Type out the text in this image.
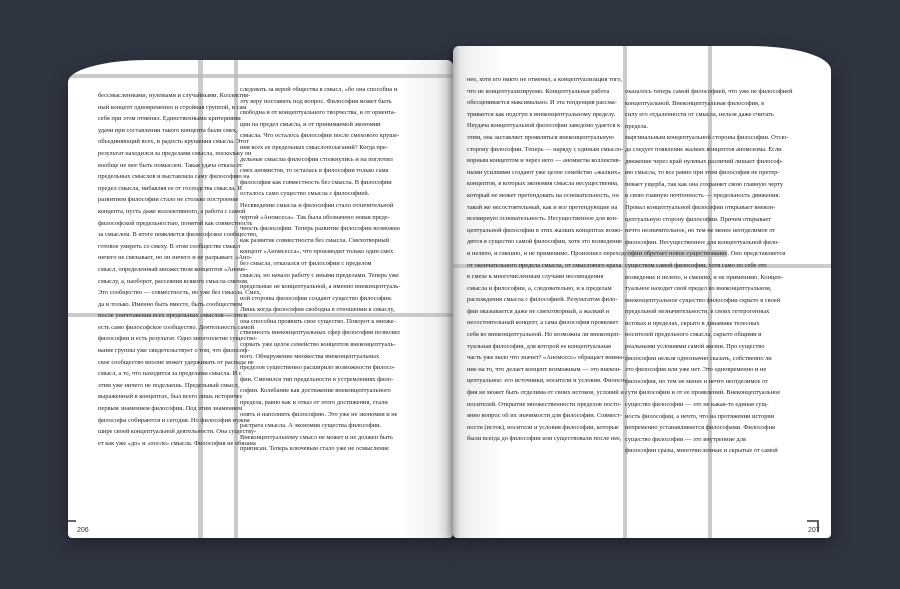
бессмысленными, нулевыми и случайными. Коллектив-
ный концепт одновременно и стройная группой, и сам
себя при этом отменял. Единственными критериями
удачи при составлении такого концепта были смех,
объединяющий всех, и радость крушения смысла. Этот
результат находился за пределами смысла, поскольку он
вообще не мог быть помыслен. Такая удача отказа от
предельных смыслов и выставляла саму философию на
предел смысла, нибавляя ее от господства смысла. И
развитием философии стало не столько построение
концепта, пусть даже коллективного, а работа с самой
философской предельностью, понятой как совместность
за смыслом. В итоге появляется философское сообщество,
готовое умереть со смеху. В этом сообществе смысл
ничего не связывает, но он ничего и не разрывает. «Ано-
смысл, определенный множеством концептов «Аноме-
смыслу, а, наоборот, рассеяния всякого смысла смехом.
Это сообщество — совместность, но уже без смысла. Смех,
да и только. Именно быть вместе, быть сообществом
после уничтожения всех предельных смыслов — это и
есть само философское сообщество. Деятельность самой
философии и есть результат. Одно многоплетие существо-
вание группы уже свидетельствует о том, что философ-
ское сообщество вполне может удерживать от распада не
смысл, а то, что находится за пределами смысла. И с
этим уже ничего не поделаешь. Предельный смысл,
выраженный в концептах, был всего лишь историчес
первым знамением философии. Под этим знамением
философы собираются и сегодня. Но философия нужна
шире своей концептуальной деятельности. Она существу-
ет как уже «до» и «после» смысла. Философия не обязана
следовать за верой общества в смысл, «бо она способна и
эту веру поставить под вопрос. Философия может быть
свободна и от концептуального творчества, и от ориента-
ции на предел смысла, и от принимаемой экономии
смысла. Что осталось философии после смехового круше-
ния всех ее предельных смыслополаганий? Когда пре-
дельные смыслы философии столкнулись и на поглотил
смех аномистов, то осталась в философии только сама
философия как совместность без смысла. В философии
осталось само существо смысла с философией.
Несвведение смысла и философии стало отличительной
чертой «Аномсеса». Так была обозначено новая преде-
чность философии. Теперь развитие философии возможно
как развитие совместности без смысла. Смехотворный
концепт «Аномсесса», что производит только один смех
без смысла, отказался от философии с пределом
смысла, но начало работу с иными пределами. Теперь уже
предельные не концептуальной, а именно внеконцептуаль-
ной стороны философии создают существо философии.
Лишь когда философия свободна в отношении к смыслу,
она способна проявить свое существо. Поворот к множе-
ственность внеконцептуальных сфер философии позволил
сорвать уже целое семейство концептов внеконцептуаль-
ного. Обнаружение множества внеконцептуальных
пределов существенно расширило возможности филосо-
фии. Сменился тип предельности в устремлениях фило-
софии. Колебание как достижение внеконцептуального
предела, равно как и отказ от этого достижения, стали
опять и наполнить философию. Это уже не экономия и не
растрата смысла. А экономия существа философии.
Внеконцептуальному смысл не может и не должен быть
приписан. Теперь ключевым стало уже не осмысление
206
нее, хотя его никто не отменял, а концептуализация того,
что не концептуализируемо. Концептуальная работа
обесценивается максимально. И эта тенденция рассма-
тривается как подступ к внеконцептуальному пределу.
Неудача концептуальной философии заведомо удается к
этим, она заставляет проявляться внеконцептуальную
сторону философии. Теперь — наряду с единым смысло-
ворным концептом и через него — аномисты коллектив-
ными усилиями создают уже целое семейство «жалких»
концептов, в которых экономия смысла несущественна,
который не может претендовать на основательность, он
такой же несостоятельный, как и все претендующие на
всемирную основательность. Несущественное для кон-
цептуальной философии в этих жалких концептах возво-
дится в существо самой философии, хотя это возведение
и нелепо, и смешно, и не применимо. Произошел переход
от окончательного предела смысла, от смыслового краха
в смехе к многочисленным случаям несовпадения
смысла и философии, а, следовательно, и к пределам
расхождения смысла с философией. Результатом фило-
фии оказывается даже не смехотворный, а жалкий и
несостоятельный концепт, а сама философия проявляет
себя во внеконцептуальной. Но возможна ли внеконцеп-
туальная философия, для которой ее концептуальная
часть уже мало что значит? «Аномсесс» обращает внима-
ние на то, что делает концепт возможным — это внекон-
цептуальное: его источники, носители и условия. Филосо-
фия не может быть отделима от своих истоков, условий и
носителей. Открытие множественности пределов посто-
янно вопрос об их значимости для философии. Совмест-
ности (исток), носители и условия философии, которые
были всегда до философии или существовали после нее,
оказалось теперь самой философией, что уже не философией
концептуальной. Внеконцептуальная философия, в
силу его отдаленности от смысла, нельзя даже считать
предела.
маргинальным концептуальной стороны философии. Отсю-
да следует появление жалких концептов аномсизма. Если
движение через край нулевых различий лишает философ-
ию смысла, то все равно при этом философия не претер-
певает ущерба, так как она сохраняет свою главную черту
и свою главную почтенность — предельность движения.
Провал концептуальной философии открывает внекон-
цептуальную сторону философии. Причем открывает
нечто незначительное, но тем не менее неотделимое от
философии. Несущественное для концептуальной фило-
софии обретает новое существование. Оно представляется
существом самой философии, хотя само по себе это
возведение и нелепо, и смешно, и не применимо. Концеп-
туальное находит свой предел во внеконцептуальном,
внеконцептуальное существо философии скрыто в своей
предельной незначительности, в своих гетерогенных
истоках и пределах, скрыто в динамике телесных
носителей предельного смысла, скрыто общими и
реальными условиями самой жизни. Про существо
философии нельзя однозначно сказать, собственно ли
это философия или уже нет. Это одновременно и не
философия, но тем не менее и нечто неотделимое от
сути философии и от ее проявлений. Внеконцептуальное
существо философии — это не какая-то единая сущ-
ность философии, а нечто, что на протяжении истории
непременно устанавливается философами. Философия
существо философии — это внутренние для
философии сразы, многочисленные и скрытые от самой
207
